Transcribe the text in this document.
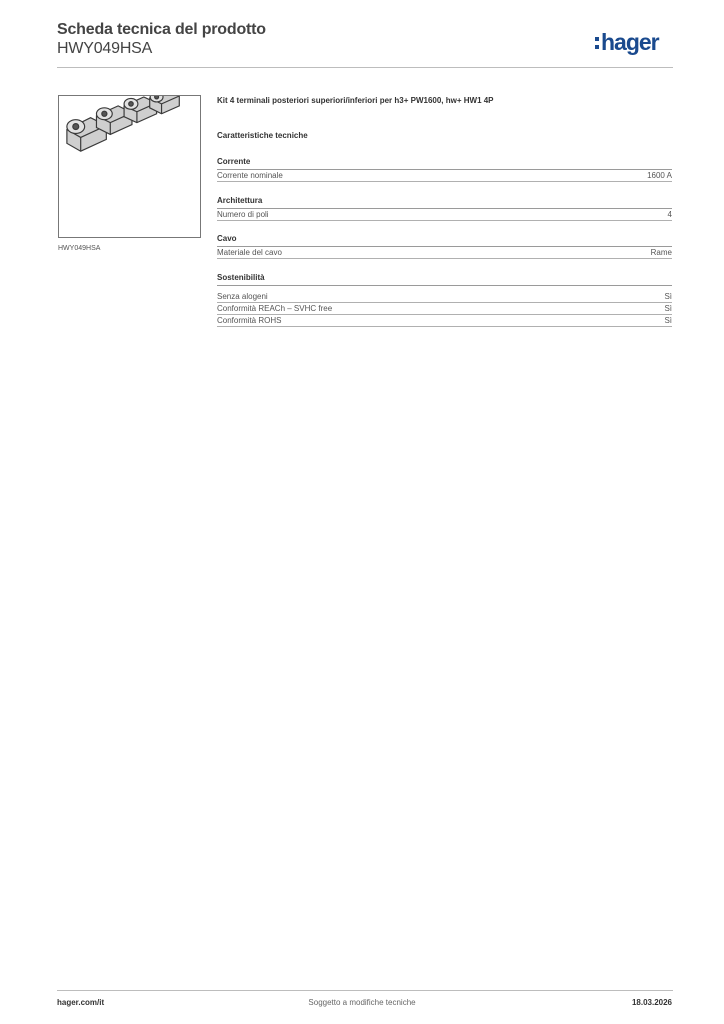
Scheda tecnica del prodotto
HWY049HSA	hager
HWY049HSA
Kit 4 terminali posteriori superiori/inferiori per h3+ PW1600, hw+ HW1 4P
Caratteristiche tecniche
Corrente
Corrente nominale	1600 A
Architettura
Numero di poli	4
Cavo
Materiale del cavo	Rame
Sostenibilità
Senza alogeni	Sì
Conformità REACh – SVHC free	Sì
Conformità ROHS	Sì
hager.com/it	Soggetto a modifiche tecniche	18.03.2026
